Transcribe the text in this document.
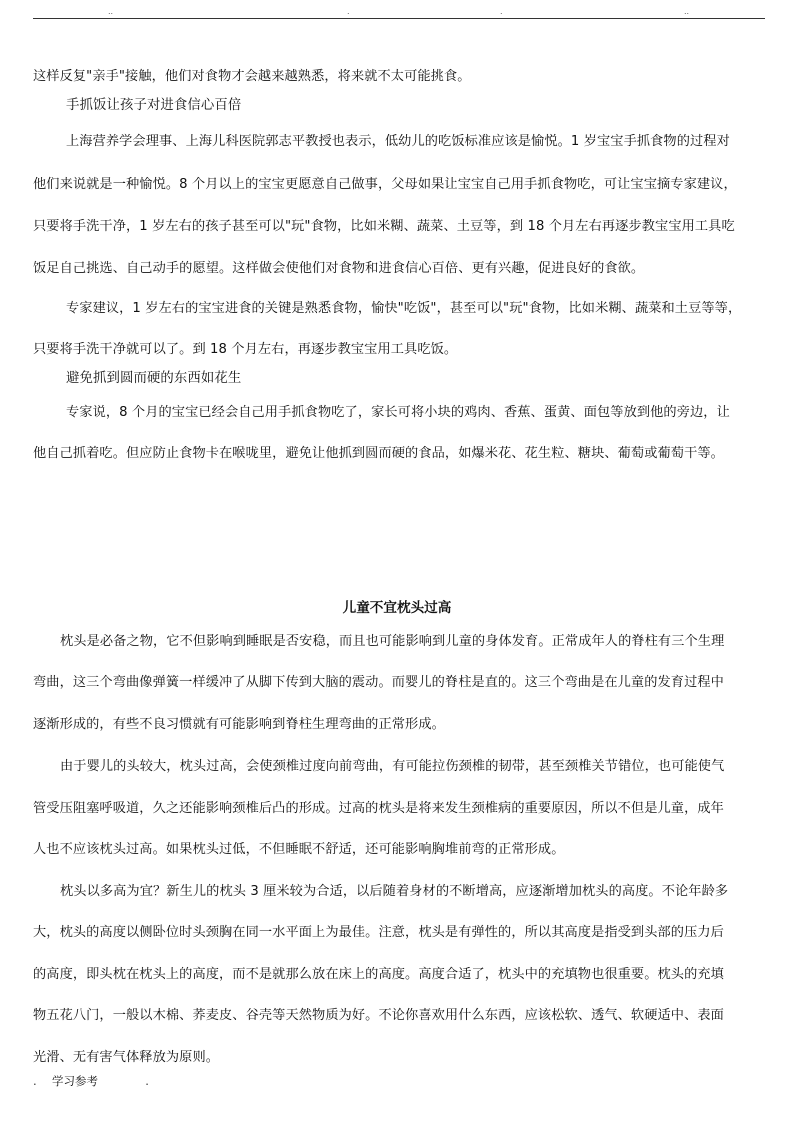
..	.	.	..
这样反复"亲手"接触，他们对食物才会越来越熟悉，将来就不太可能挑食。
手抓饭让孩子对进食信心百倍
上海营养学会理事、上海儿科医院郭志平教授也表示，低幼儿的吃饭标准应该是愉悦。1 岁宝宝手抓食物的过程对
他们来说就是一种愉悦。8 个月以上的宝宝更愿意自己做事，父母如果让宝宝自己用手抓食物吃，可让宝宝摘专家建议，
只要将手洗干净，1 岁左右的孩子甚至可以"玩"食物，比如米糊、蔬菜、土豆等，到 18 个月左右再逐步教宝宝用工具吃
饭足自己挑选、自己动手的愿望。这样做会使他们对食物和进食信心百倍、更有兴趣，促进良好的食欲。
专家建议，1 岁左右的宝宝进食的关键是熟悉食物，愉快"吃饭"，甚至可以"玩"食物，比如米糊、蔬菜和土豆等等，
只要将手洗干净就可以了。到 18 个月左右，再逐步教宝宝用工具吃饭。
避免抓到圆而硬的东西如花生
专家说，8 个月的宝宝已经会自己用手抓食物吃了，家长可将小块的鸡肉、香蕉、蛋黄、面包等放到他的旁边，让
他自己抓着吃。但应防止食物卡在喉咙里，避免让他抓到圆而硬的食品，如爆米花、花生粒、糖块、葡萄或葡萄干等。
儿童不宜枕头过高
枕头是必备之物，它不但影响到睡眠是否安稳，而且也可能影响到儿童的身体发育。正常成年人的脊柱有三个生理
弯曲，这三个弯曲像弹簧一样缓冲了从脚下传到大脑的震动。而婴儿的脊柱是直的。这三个弯曲是在儿童的发育过程中
逐渐形成的，有些不良习惯就有可能影响到脊柱生理弯曲的正常形成。
由于婴儿的头较大，枕头过高，会使颈椎过度向前弯曲，有可能拉伤颈椎的韧带，甚至颈椎关节错位，也可能使气
管受压阻塞呼吸道，久之还能影响颈椎后凸的形成。过高的枕头是将来发生颈椎病的重要原因，所以不但是儿童，成年
人也不应该枕头过高。如果枕头过低，不但睡眠不舒适，还可能影响胸堆前弯的正常形成。
枕头以多高为宜？新生儿的枕头 3 厘米较为合适，以后随着身材的不断增高，应逐渐增加枕头的高度。不论年龄多
大，枕头的高度以侧卧位时头颈胸在同一水平面上为最佳。注意，枕头是有弹性的，所以其高度是指受到头部的压力后
的高度，即头枕在枕头上的高度，而不是就那么放在床上的高度。高度合适了，枕头中的充填物也很重要。枕头的充填
物五花八门，一般以木棉、荞麦皮、谷壳等天然物质为好。不论你喜欢用什么东西，应该松软、透气、软硬适中、表面
光滑、无有害气体释放为原则。
. 学习参考	.
